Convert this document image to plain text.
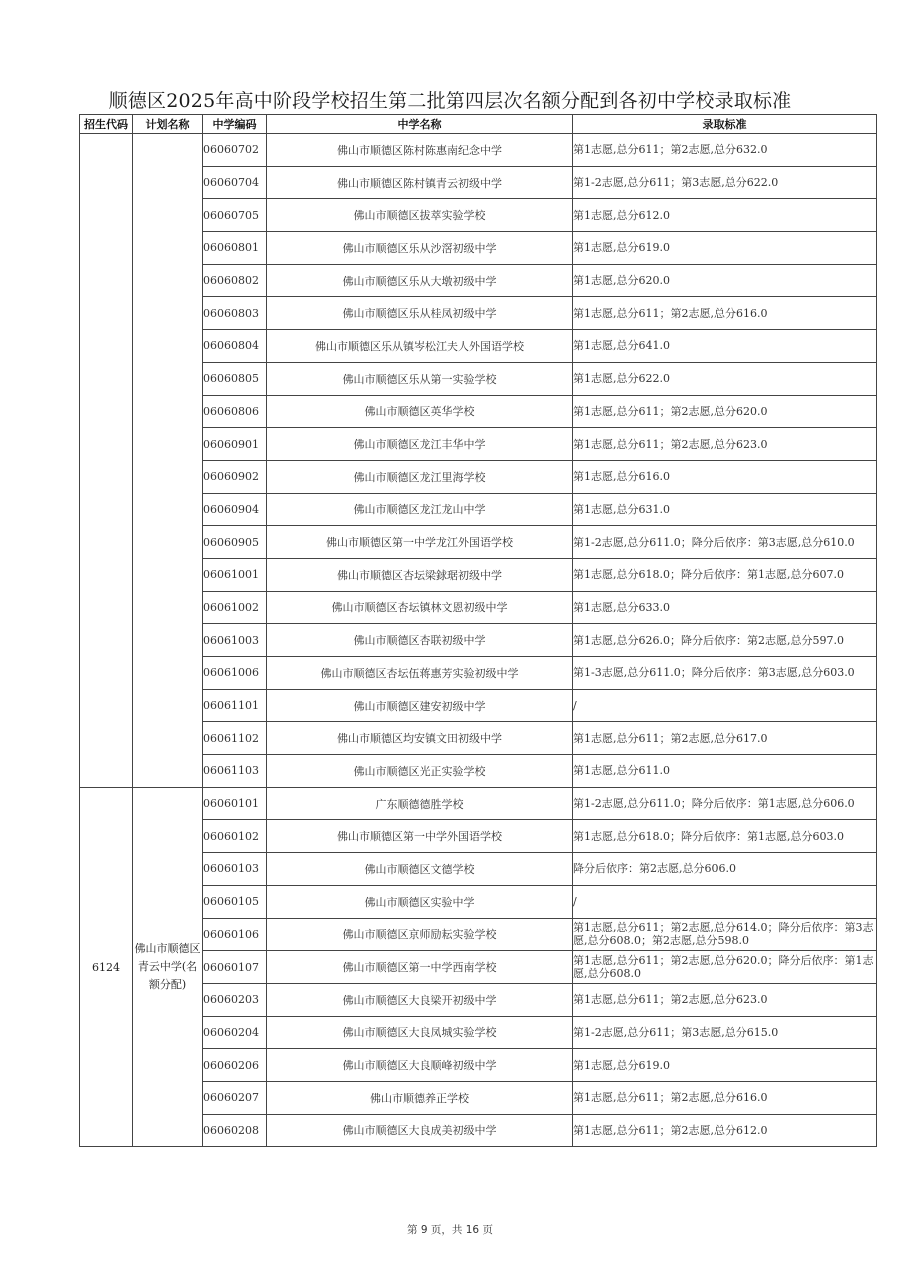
顺德区2025年高中阶段学校招生第二批第四层次名额分配到各初中学校录取标准
招生代码	计划名称	中学编码	中学名称	录取标准
		06060702	佛山市顺德区陈村陈惠南纪念中学	第1志愿,总分611；第2志愿,总分632.0
		06060704	佛山市顺德区陈村镇青云初级中学	第1-2志愿,总分611；第3志愿,总分622.0
		06060705	佛山市顺德区拔萃实验学校	第1志愿,总分612.0
		06060801	佛山市顺德区乐从沙滘初级中学	第1志愿,总分619.0
		06060802	佛山市顺德区乐从大墩初级中学	第1志愿,总分620.0
		06060803	佛山市顺德区乐从桂凤初级中学	第1志愿,总分611；第2志愿,总分616.0
		06060804	佛山市顺德区乐从镇岑松江夫人外国语学校	第1志愿,总分641.0
		06060805	佛山市顺德区乐从第一实验学校	第1志愿,总分622.0
		06060806	佛山市顺德区英华学校	第1志愿,总分611；第2志愿,总分620.0
		06060901	佛山市顺德区龙江丰华中学	第1志愿,总分611；第2志愿,总分623.0
		06060902	佛山市顺德区龙江里海学校	第1志愿,总分616.0
		06060904	佛山市顺德区龙江龙山中学	第1志愿,总分631.0
		06060905	佛山市顺德区第一中学龙江外国语学校	第1-2志愿,总分611.0；降分后依序：第3志愿,总分610.0
		06061001	佛山市顺德区杏坛梁銶琚初级中学	第1志愿,总分618.0；降分后依序：第1志愿,总分607.0
		06061002	佛山市顺德区杏坛镇林文恩初级中学	第1志愿,总分633.0
		06061003	佛山市顺德区杏联初级中学	第1志愿,总分626.0；降分后依序：第2志愿,总分597.0
		06061006	佛山市顺德区杏坛伍蒋惠芳实验初级中学	第1-3志愿,总分611.0；降分后依序：第3志愿,总分603.0
		06061101	佛山市顺德区建安初级中学	/
		06061102	佛山市顺德区均安镇文田初级中学	第1志愿,总分611；第2志愿,总分617.0
		06061103	佛山市顺德区光正实验学校	第1志愿,总分611.0
6124	佛山市顺德区青云中学(名额分配)	06060101	广东顺德德胜学校	第1-2志愿,总分611.0；降分后依序：第1志愿,总分606.0
		06060102	佛山市顺德区第一中学外国语学校	第1志愿,总分618.0；降分后依序：第1志愿,总分603.0
		06060103	佛山市顺德区文德学校	降分后依序：第2志愿,总分606.0
		06060105	佛山市顺德区实验中学	/
		06060106	佛山市顺德区京师励耘实验学校	第1志愿,总分611；第2志愿,总分614.0；降分后依序：第3志愿,总分608.0；第2志愿,总分598.0
		06060107	佛山市顺德区第一中学西南学校	第1志愿,总分611；第2志愿,总分620.0；降分后依序：第1志愿,总分608.0
		06060203	佛山市顺德区大良梁开初级中学	第1志愿,总分611；第2志愿,总分623.0
		06060204	佛山市顺德区大良凤城实验学校	第1-2志愿,总分611；第3志愿,总分615.0
		06060206	佛山市顺德区大良顺峰初级中学	第1志愿,总分619.0
		06060207	佛山市顺德养正学校	第1志愿,总分611；第2志愿,总分616.0
		06060208	佛山市顺德区大良成美初级中学	第1志愿,总分611；第2志愿,总分612.0
第 9 页，共 16 页
